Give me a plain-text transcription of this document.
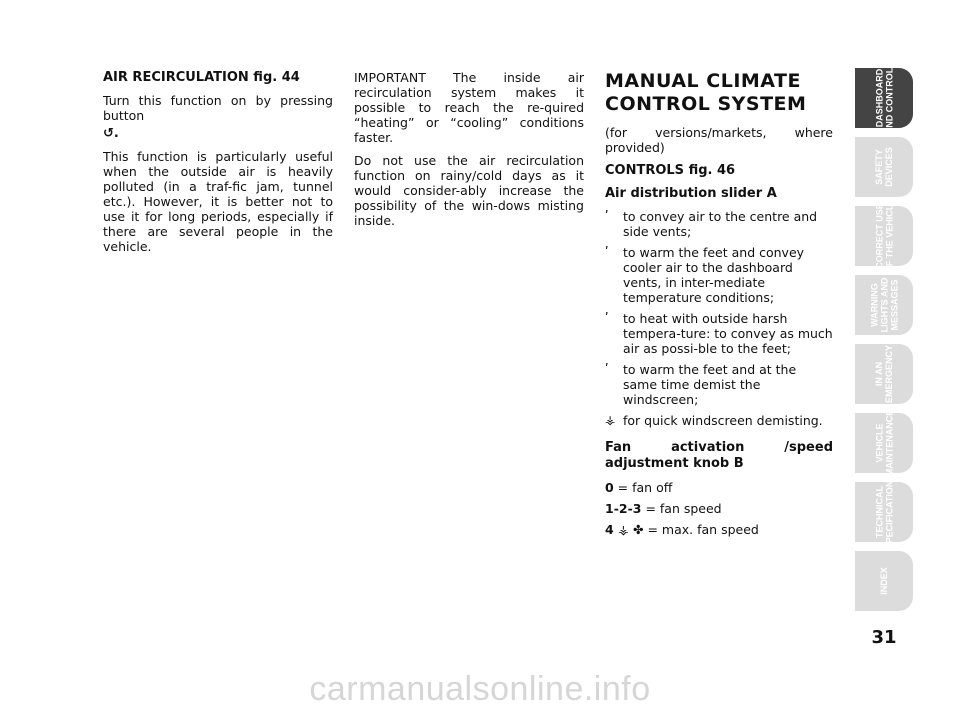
AIR RECIRCULATION fig. 44

Turn this function on by pressing button

↺.

This function is particularly useful when the outside air is heavily polluted (in a traf-fic jam, tunnel etc.). However, it is better not to use it for long periods, especially if there are several people in the vehicle.

IMPORTANT The inside air recirculation system makes it possible to reach the re-quired “heating” or “cooling” conditions faster.

Do not use the air recirculation function on rainy/cold days as it would consider-ably increase the possibility of the win-dows misting inside.

MANUAL CLIMATE
CONTROL SYSTEM

(for versions/markets, where provided)

CONTROLS fig. 46

Air distribution slider A

ʹ	to convey air to the centre and side vents;
ʹ	to warm the feet and convey cooler air to the dashboard vents, in inter-mediate temperature conditions;
ʹ	to heat with outside harsh tempera-ture: to convey as much air as possi-ble to the feet;
ʹ	to warm the feet and at the same time demist the windscreen;
⚶ for quick windscreen demisting.

Fan activation /speed adjustment knob B

0 = fan off
1-2-3 = fan speed
4 ⚶ ✤ = max. fan speed
DASHBOARD
AND CONTROLS
SAFETY
DEVICES
CORRECT USE
OF THE VEHICLE
WARNING
LIGHTS AND
MESSAGES
IN AN
EMERGENCY
VEHICLE
MAINTENANCE
TECHNICAL
SPECIFICATIONS
INDEX
31
carmanualsonline.info
